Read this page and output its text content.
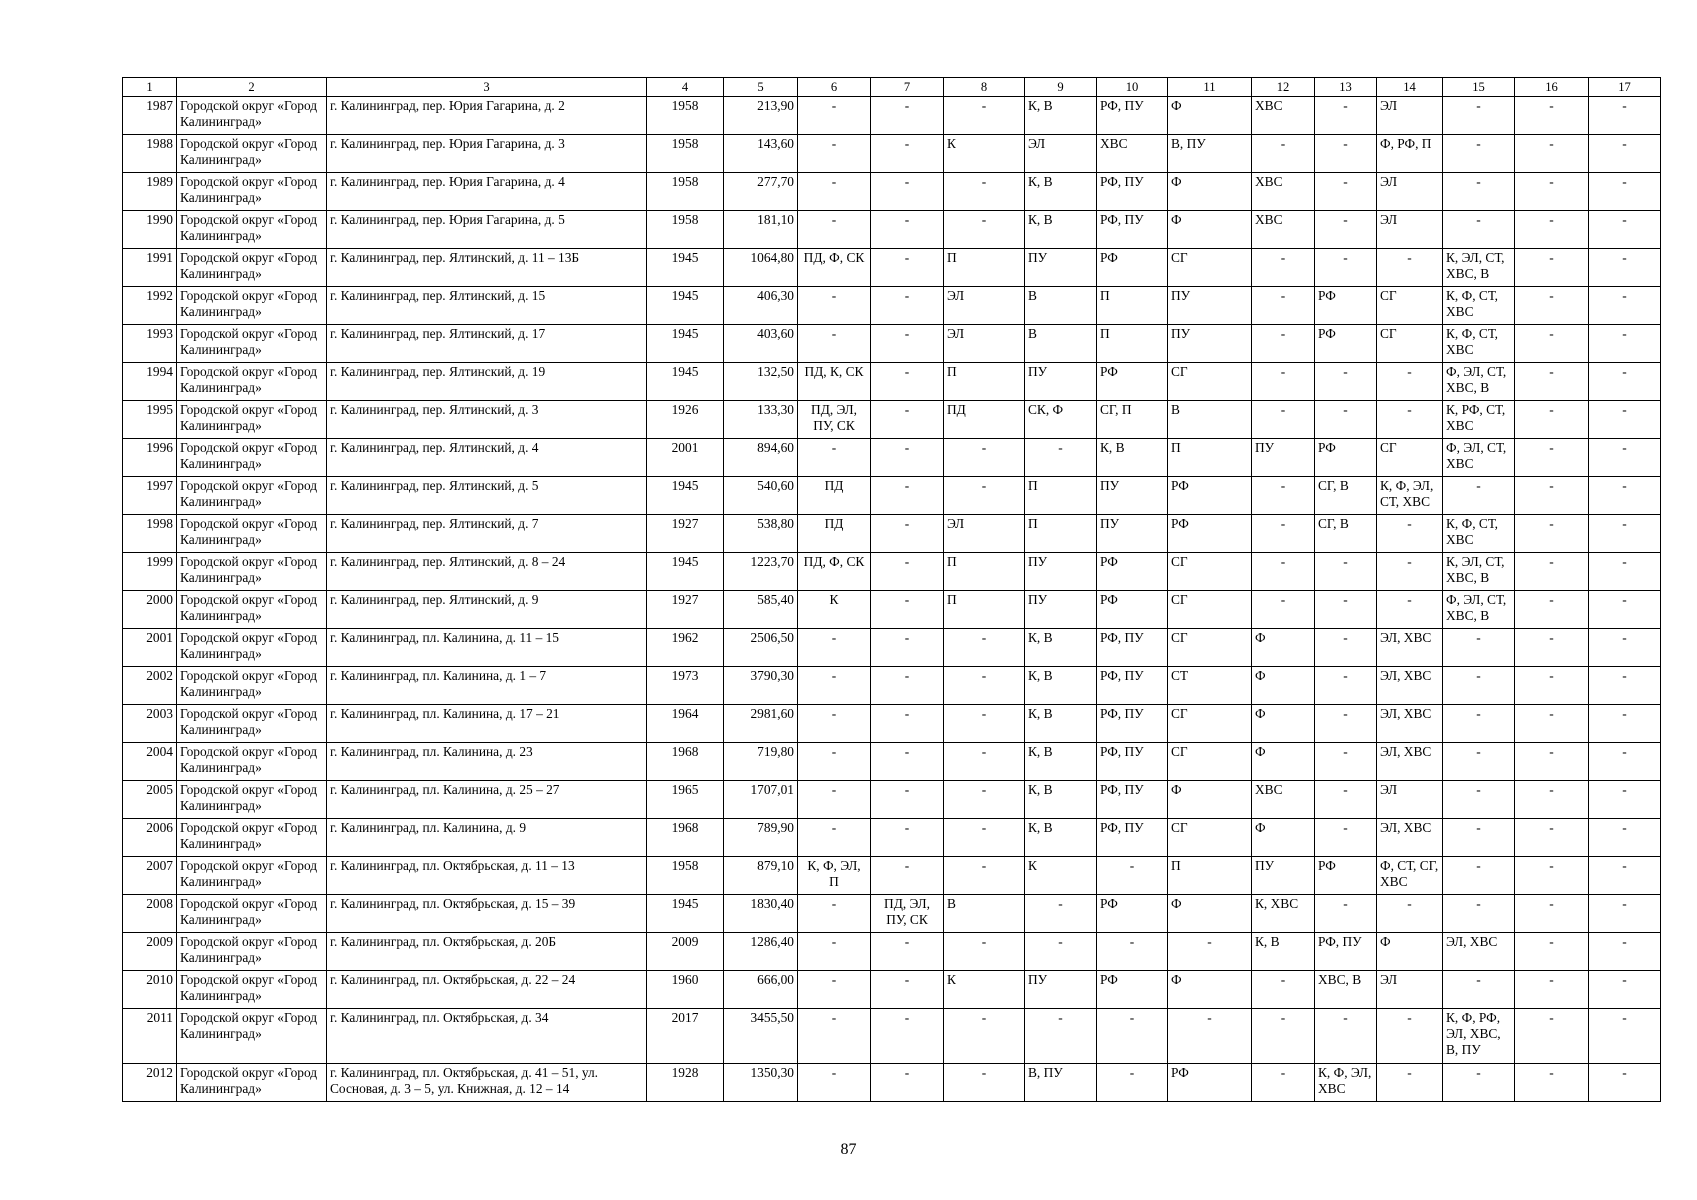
1	2	3	4	5	6	7	8	9	10	11	12	13	14	15	16	17
1987	Городской округ «Город Калининград»	г. Калининград, пер. Юрия Гагарина, д. 2	1958	213,90	-	-	-	К, В	РФ, ПУ	Ф	ХВС	-	ЭЛ	-	-	-
1988	Городской округ «Город Калининград»	г. Калининград, пер. Юрия Гагарина, д. 3	1958	143,60	-	-	К	ЭЛ	ХВС	В, ПУ	-	-	Ф, РФ, П	-	-	-
1989	Городской округ «Город Калининград»	г. Калининград, пер. Юрия Гагарина, д. 4	1958	277,70	-	-	-	К, В	РФ, ПУ	Ф	ХВС	-	ЭЛ	-	-	-
1990	Городской округ «Город Калининград»	г. Калининград, пер. Юрия Гагарина, д. 5	1958	181,10	-	-	-	К, В	РФ, ПУ	Ф	ХВС	-	ЭЛ	-	-	-
1991	Городской округ «Город Калининград»	г. Калининград, пер. Ялтинский, д. 11 – 13Б	1945	1064,80	ПД, Ф, СК	-	П	ПУ	РФ	СГ	-	-	-	К, ЭЛ, СТ, ХВС, В	-	-
1992	Городской округ «Город Калининград»	г. Калининград, пер. Ялтинский, д. 15	1945	406,30	-	-	ЭЛ	В	П	ПУ	-	РФ	СГ	К, Ф, СТ, ХВС	-	-
1993	Городской округ «Город Калининград»	г. Калининград, пер. Ялтинский, д. 17	1945	403,60	-	-	ЭЛ	В	П	ПУ	-	РФ	СГ	К, Ф, СТ, ХВС	-	-
1994	Городской округ «Город Калининград»	г. Калининград, пер. Ялтинский, д. 19	1945	132,50	ПД, К, СК	-	П	ПУ	РФ	СГ	-	-	-	Ф, ЭЛ, СТ, ХВС, В	-	-
1995	Городской округ «Город Калининград»	г. Калининград, пер. Ялтинский, д. 3	1926	133,30	ПД, ЭЛ, ПУ, СК	-	ПД	СК, Ф	СГ, П	В	-	-	-	К, РФ, СТ, ХВС	-	-
1996	Городской округ «Город Калининград»	г. Калининград, пер. Ялтинский, д. 4	2001	894,60	-	-	-	-	К, В	П	ПУ	РФ	СГ	Ф, ЭЛ, СТ, ХВС	-	-
1997	Городской округ «Город Калининград»	г. Калининград, пер. Ялтинский, д. 5	1945	540,60	ПД	-	-	П	ПУ	РФ	-	СГ, В	К, Ф, ЭЛ, СТ, ХВС	-	-	-
1998	Городской округ «Город Калининград»	г. Калининград, пер. Ялтинский, д. 7	1927	538,80	ПД	-	ЭЛ	П	ПУ	РФ	-	СГ, В	-	К, Ф, СТ, ХВС	-	-
1999	Городской округ «Город Калининград»	г. Калининград, пер. Ялтинский, д. 8 – 24	1945	1223,70	ПД, Ф, СК	-	П	ПУ	РФ	СГ	-	-	-	К, ЭЛ, СТ, ХВС, В	-	-
2000	Городской округ «Город Калининград»	г. Калининград, пер. Ялтинский, д. 9	1927	585,40	К	-	П	ПУ	РФ	СГ	-	-	-	Ф, ЭЛ, СТ, ХВС, В	-	-
2001	Городской округ «Город Калининград»	г. Калининград, пл. Калинина, д. 11 – 15	1962	2506,50	-	-	-	К, В	РФ, ПУ	СГ	Ф	-	ЭЛ, ХВС	-	-	-
2002	Городской округ «Город Калининград»	г. Калининград, пл. Калинина, д. 1 – 7	1973	3790,30	-	-	-	К, В	РФ, ПУ	СТ	Ф	-	ЭЛ, ХВС	-	-	-
2003	Городской округ «Город Калининград»	г. Калининград, пл. Калинина, д. 17 – 21	1964	2981,60	-	-	-	К, В	РФ, ПУ	СГ	Ф	-	ЭЛ, ХВС	-	-	-
2004	Городской округ «Город Калининград»	г. Калининград, пл. Калинина, д. 23	1968	719,80	-	-	-	К, В	РФ, ПУ	СГ	Ф	-	ЭЛ, ХВС	-	-	-
2005	Городской округ «Город Калининград»	г. Калининград, пл. Калинина, д. 25 – 27	1965	1707,01	-	-	-	К, В	РФ, ПУ	Ф	ХВС	-	ЭЛ	-	-	-
2006	Городской округ «Город Калининград»	г. Калининград, пл. Калинина, д. 9	1968	789,90	-	-	-	К, В	РФ, ПУ	СГ	Ф	-	ЭЛ, ХВС	-	-	-
2007	Городской округ «Город Калининград»	г. Калининград, пл. Октябрьская, д. 11 – 13	1958	879,10	К, Ф, ЭЛ, П	-	-	К	-	П	ПУ	РФ	Ф, СТ, СГ, ХВС	-	-	-
2008	Городской округ «Город Калининград»	г. Калининград, пл. Октябрьская, д. 15 – 39	1945	1830,40	-	ПД, ЭЛ, ПУ, СК	В	-	РФ	Ф	К, ХВС	-	-	-	-	-
2009	Городской округ «Город Калининград»	г. Калининград, пл. Октябрьская, д. 20Б	2009	1286,40	-	-	-	-	-	-	К, В	РФ, ПУ	Ф	ЭЛ, ХВС	-	-
2010	Городской округ «Город Калининград»	г. Калининград, пл. Октябрьская, д. 22 – 24	1960	666,00	-	-	К	ПУ	РФ	Ф	-	ХВС, В	ЭЛ	-	-	-
2011	Городской округ «Город Калининград»	г. Калининград, пл. Октябрьская, д. 34	2017	3455,50	-	-	-	-	-	-	-	-	-	К, Ф, РФ, ЭЛ, ХВС, В, ПУ	-	-
2012	Городской округ «Город Калининград»	г. Калининград, пл. Октябрьская, д. 41 – 51, ул. Сосновая, д. 3 – 5, ул. Книжная, д. 12 – 14	1928	1350,30	-	-	-	В, ПУ	-	РФ	-	К, Ф, ЭЛ, ХВС	-	-	-	-
87
